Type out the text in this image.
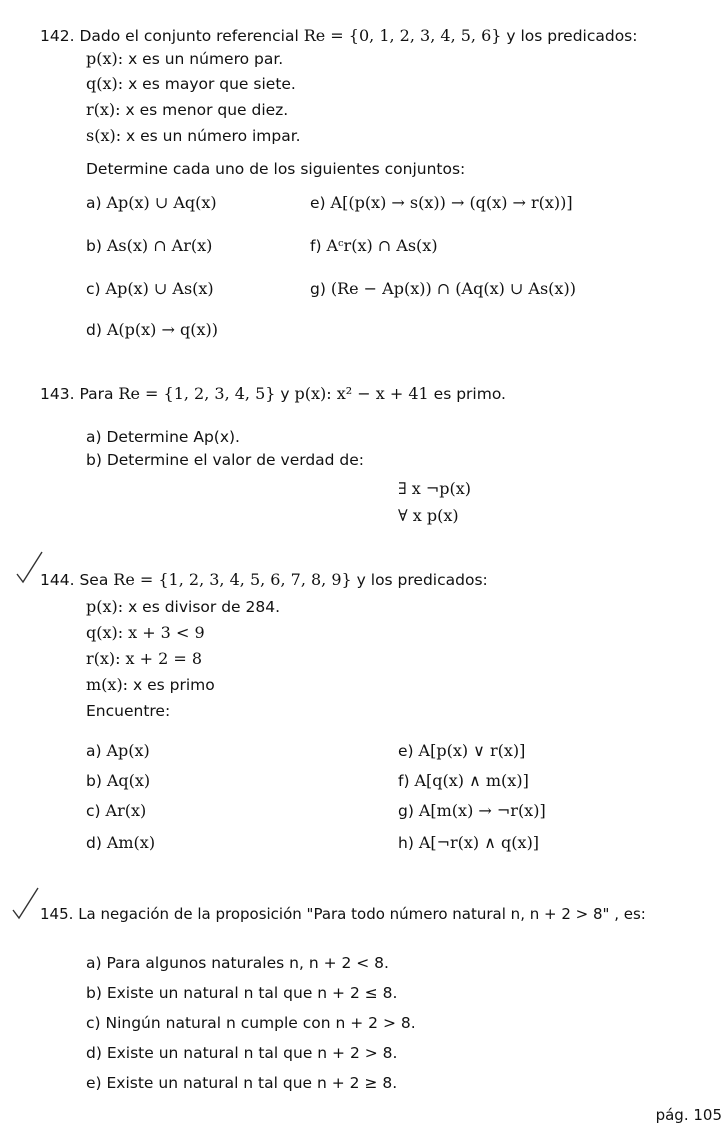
142. Dado el conjunto referencial Re = {0, 1, 2, 3, 4, 5, 6} y los predicados:
p(x): x es un número par.
q(x): x es mayor que siete.
r(x): x es menor que diez.
s(x): x es un número impar.
Determine cada uno de los siguientes conjuntos:
a) Ap(x) ∪ Aq(x)
b) As(x) ∩ Ar(x)
c) Ap(x) ∪ As(x)
d) A(p(x) → q(x))
e) A[(p(x) → s(x)) → (q(x) → r(x))]
f) Aᶜr(x) ∩ As(x)
g) (Re − Ap(x)) ∩ (Aq(x) ∪ As(x))
143. Para Re = {1, 2, 3, 4, 5} y p(x): x² − x + 41 es primo.
a) Determine Ap(x).
b) Determine el valor de verdad de:
∃ x ¬p(x)
∀ x p(x)
144. Sea Re = {1, 2, 3, 4, 5, 6, 7, 8, 9} y los predicados:
p(x): x es divisor de 284.
q(x): x + 3 < 9
r(x): x + 2 = 8
m(x): x es primo
Encuentre:
a) Ap(x)
b) Aq(x)
c) Ar(x)
d) Am(x)
e) A[p(x) ∨ r(x)]
f) A[q(x) ∧ m(x)]
g) A[m(x) → ¬r(x)]
h) A[¬r(x) ∧ q(x)]
145. La negación de la proposición "Para todo número natural n, n + 2 > 8" , es:
a) Para algunos naturales n, n + 2 < 8.
b) Existe un natural n tal que n + 2 ≤ 8.
c) Ningún natural n cumple con n + 2 > 8.
d) Existe un natural n tal que n + 2 > 8.
e) Existe un natural n tal que n + 2 ≥ 8.
pág. 105
